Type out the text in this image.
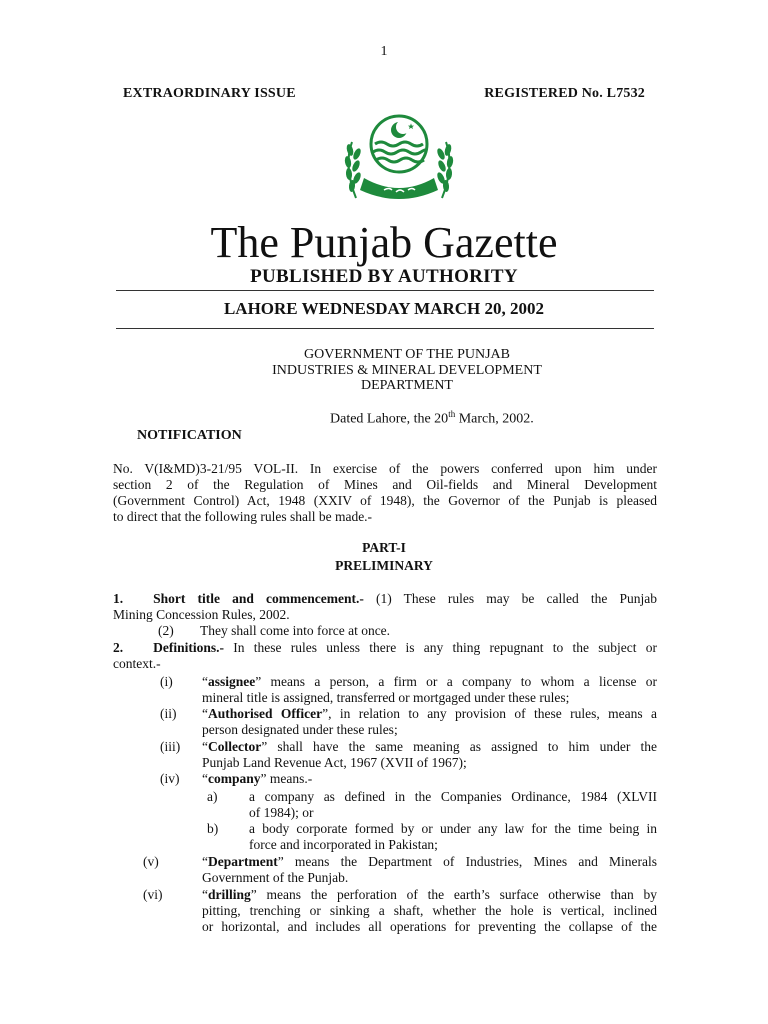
1
EXTRAORDINARY ISSUE	REGISTERED No. L7532
The Punjab Gazette
PUBLISHED BY AUTHORITY
LAHORE WEDNESDAY MARCH 20, 2002
GOVERNMENT OF THE PUNJAB
INDUSTRIES & MINERAL DEVELOPMENT
DEPARTMENT
Dated Lahore, the 20th March, 2002.
NOTIFICATION
No. V(I&MD)3-21/95 VOL-II. In exercise of the powers conferred upon him under
section 2 of the Regulation of Mines and Oil-fields and Mineral Development
(Government Control) Act, 1948 (XXIV of 1948), the Governor of the Punjab is pleased
to direct that the following rules shall be made.-
PART-I
PRELIMINARY
1. Short title and commencement.- (1) These rules may be called the Punjab
Mining Concession Rules, 2002.
(2) They shall come into force at once.
2. Definitions.- In these rules unless there is any thing repugnant to the subject or
context.-
(i) “assignee” means a person, a firm or a company to whom a license or
mineral title is assigned, transferred or mortgaged under these rules;
(ii) “Authorised Officer”, in relation to any provision of these rules, means a
person designated under these rules;
(iii) “Collector” shall have the same meaning as assigned to him under the
Punjab Land Revenue Act, 1967 (XVII of 1967);
(iv) “company” means.-
a) a company as defined in the Companies Ordinance, 1984 (XLVII
of 1984); or
b) a body corporate formed by or under any law for the time being in
force and incorporated in Pakistan;
(v)	“Department” means the Department of Industries, Mines and Minerals
Government of the Punjab.
(vi)	“drilling” means the perforation of the earth’s surface otherwise than by
pitting, trenching or sinking a shaft, whether the hole is vertical, inclined
or horizontal, and includes all operations for preventing the collapse of the
